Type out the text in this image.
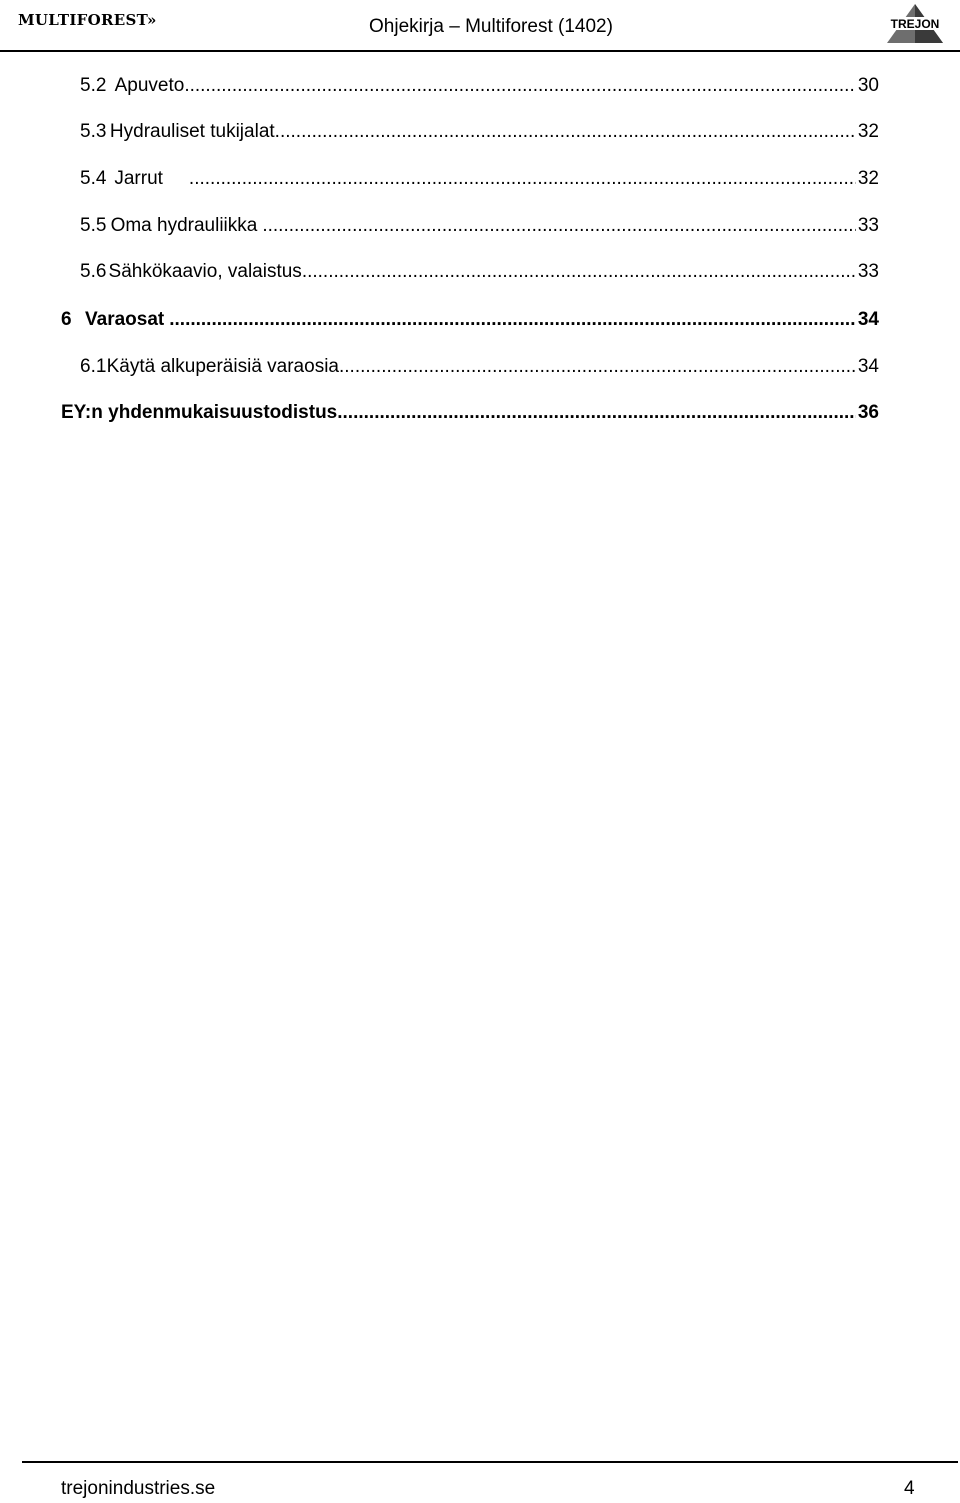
MULTIFOREST»	Ohjekirja – Multiforest (1402)	TREJON
5.2 Apuveto .....	30
5.3 Hydrauliset tukijalat .....	32
5.4 Jarrut .....	32
5.5 Oma hydrauliikka .....	33
5.6 Sähkökaavio, valaistus .....	33
6 Varaosat .....	34
6.1 Käytä alkuperäisiä varaosia .....	34
EY:n yhdenmukaisuustodistus .....	36
trejonindustries.se	4
